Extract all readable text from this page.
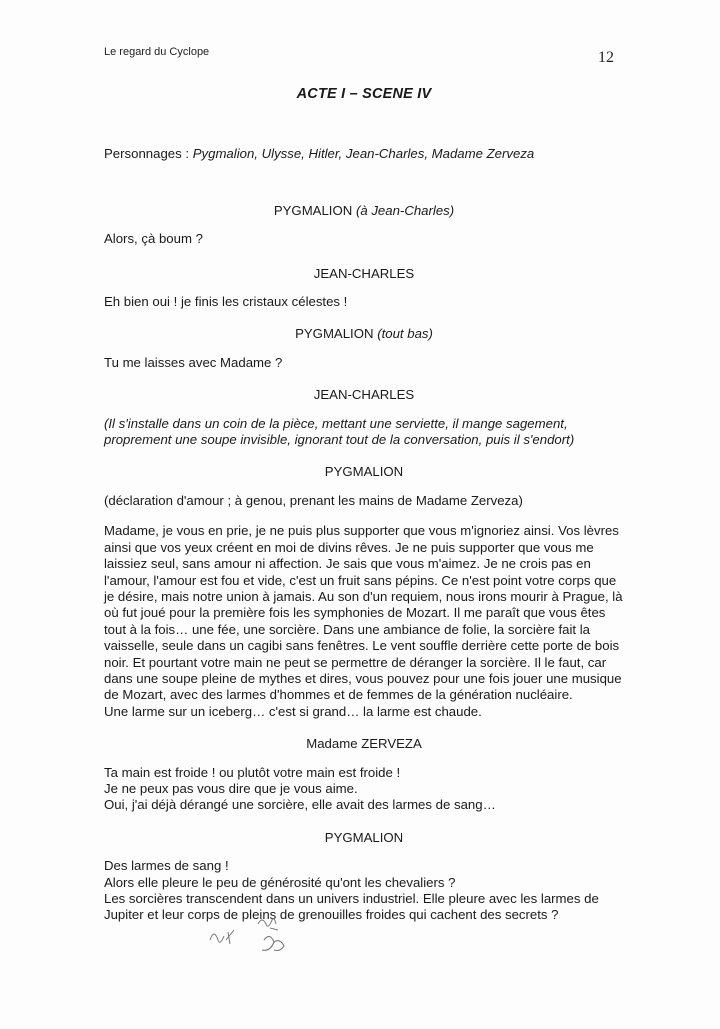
Le regard du Cyclope	12
ACTE I – SCENE IV
Personnages : Pygmalion, Ulysse, Hitler, Jean-Charles, Madame Zerveza

PYGMALION (à Jean-Charles)

Alors, çà boum ?

JEAN-CHARLES

Eh bien oui ! je finis les cristaux célestes !

PYGMALION (tout bas)

Tu me laisses avec Madame ?

JEAN-CHARLES

(Il s'installe dans un coin de la pièce, mettant une serviette, il mange sagement, proprement une soupe invisible, ignorant tout de la conversation, puis il s'endort)

PYGMALION

(déclaration d'amour ; à genou, prenant les mains de Madame Zerveza)

Madame, je vous en prie, je ne puis plus supporter que vous m'ignoriez ainsi. Vos lèvres ainsi que vos yeux créent en moi de divins rêves. Je ne puis supporter que vous me laissiez seul, sans amour ni affection. Je sais que vous m'aimez. Je ne crois pas en l'amour, l'amour est fou et vide, c'est un fruit sans pépins. Ce n'est point votre corps que je désire, mais notre union à jamais. Au son d'un requiem, nous irons mourir à Prague, là où fut joué pour la première fois les symphonies de Mozart. Il me paraît que vous êtes tout à la fois… une fée, une sorcière. Dans une ambiance de folie, la sorcière fait la vaisselle, seule dans un cagibi sans fenêtres. Le vent souffle derrière cette porte de bois noir. Et pourtant votre main ne peut se permettre de déranger la sorcière. Il le faut, car dans une soupe pleine de mythes et dires, vous pouvez pour une fois jouer une musique de Mozart, avec des larmes d'hommes et de femmes de la génération nucléaire.
Une larme sur un iceberg… c'est si grand… la larme est chaude.

Madame ZERVEZA

Ta main est froide ! ou plutôt votre main est froide !
Je ne peux pas vous dire que je vous aime.
Oui, j'ai déjà dérangé une sorcière, elle avait des larmes de sang…

PYGMALION

Des larmes de sang !
Alors elle pleure le peu de générosité qu'ont les chevaliers ?
Les sorcières transcendent dans un univers industriel. Elle pleure avec les larmes de Jupiter et leur corps de pleins de grenouilles froides qui cachent des secrets ?
